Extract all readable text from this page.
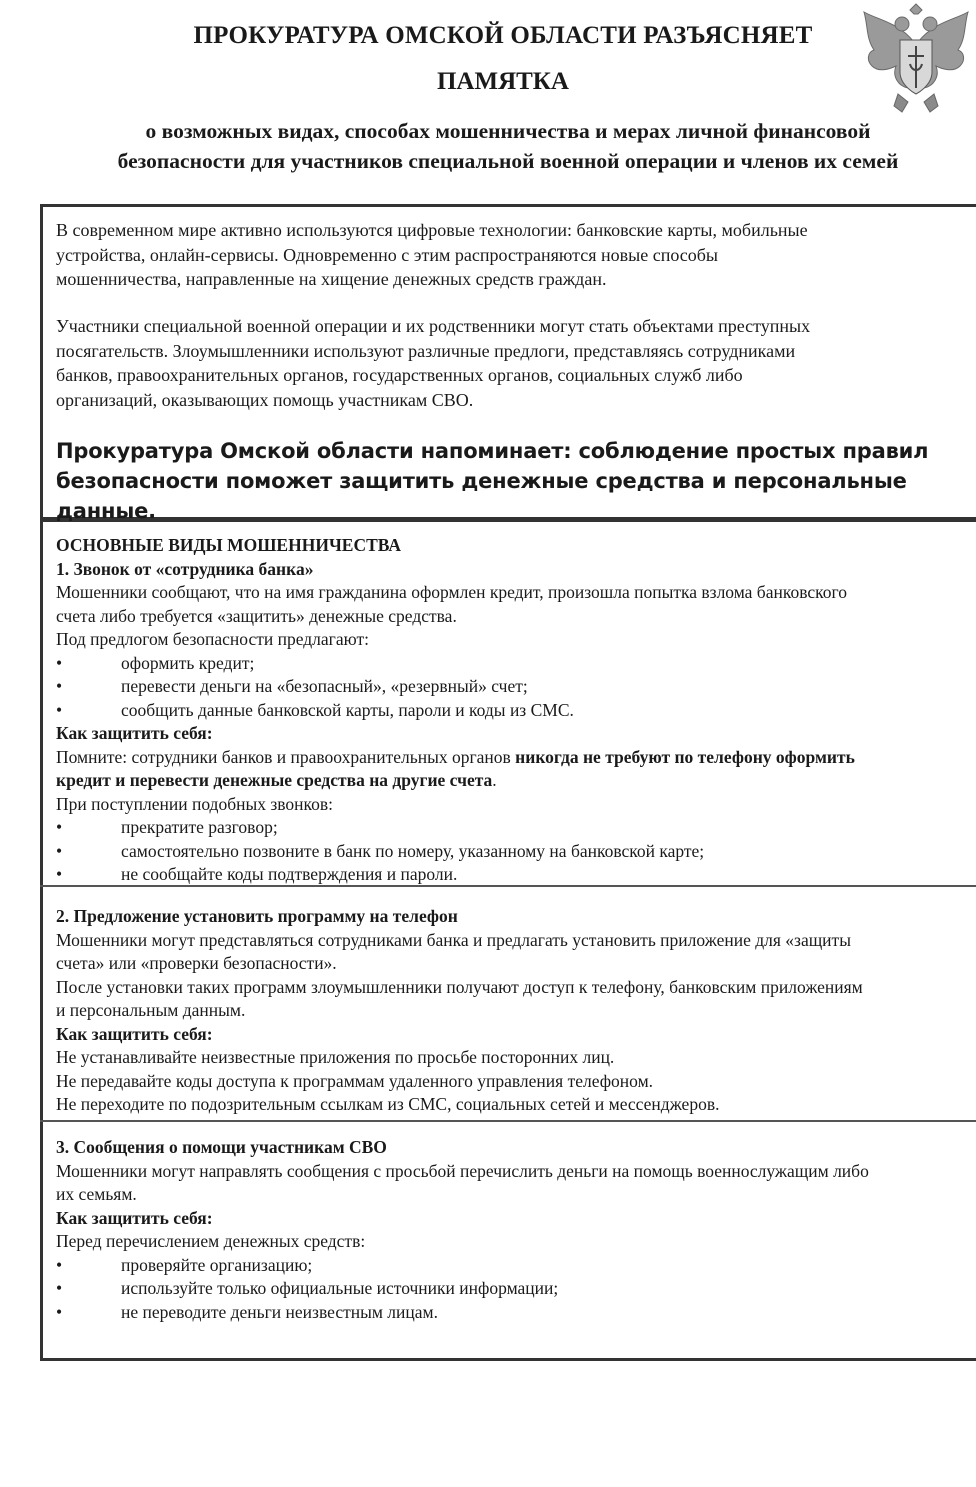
ПРОКУРАТУРА ОМСКОЙ ОБЛАСТИ РАЗЪЯСНЯЕТ
ПАМЯТКА
о возможных видах, способах мошенничества и мерах личной финансовой
безопасности для участников специальной военной операции и членов их семей
В современном мире активно используются цифровые технологии: банковские карты, мобильные
устройства, онлайн-сервисы. Одновременно с этим распространяются новые способы
мошенничества, направленные на хищение денежных средств граждан.
Участники специальной военной операции и их родственники могут стать объектами преступных
посягательств. Злоумышленники используют различные предлоги, представляясь сотрудниками
банков, правоохранительных органов, государственных органов, социальных служб либо
организаций, оказывающих помощь участникам СВО.
Прокуратура Омской области напоминает: соблюдение простых правил
безопасности поможет защитить денежные средства и персональные данные.

ОСНОВНЫЕ ВИДЫ МОШЕННИЧЕСТВА

1. Звонок от «сотрудника банка»

Мошенники сообщают, что на имя гражданина оформлен кредит, произошла попытка взлома банковского

счета либо требуется «защитить» денежные средства.

Под предлогом безопасности предлагают:

• оформить кредит;
• перевести деньги на «безопасный», «резервный» счет;
• сообщить данные банковской карты, пароли и коды из СМС.

Как защитить себя:

Помните: сотрудники банков и правоохранительных органов никогда не требуют по телефону оформить

кредит и перевести денежные средства на другие счета.

При поступлении подобных звонков:

• прекратите разговор;
• самостоятельно позвоните в банк по номеру, указанному на банковской карте;
• не сообщайте коды подтверждения и пароли.

2. Предложение установить программу на телефон

Мошенники могут представляться сотрудниками банка и предлагать установить приложение для «защиты

счета» или «проверки безопасности».

После установки таких программ злоумышленники получают доступ к телефону, банковским приложениям

и персональным данным.

Как защитить себя:

Не устанавливайте неизвестные приложения по просьбе посторонних лиц.

Не передавайте коды доступа к программам удаленного управления телефоном.

Не переходите по подозрительным ссылкам из СМС, социальных сетей и мессенджеров.

3. Сообщения о помощи участникам СВО

Мошенники могут направлять сообщения с просьбой перечислить деньги на помощь военнослужащим либо

их семьям.

Как защитить себя:

Перед перечислением денежных средств:

• проверяйте организацию;
• используйте только официальные источники информации;
• не переводите деньги неизвестным лицам.
